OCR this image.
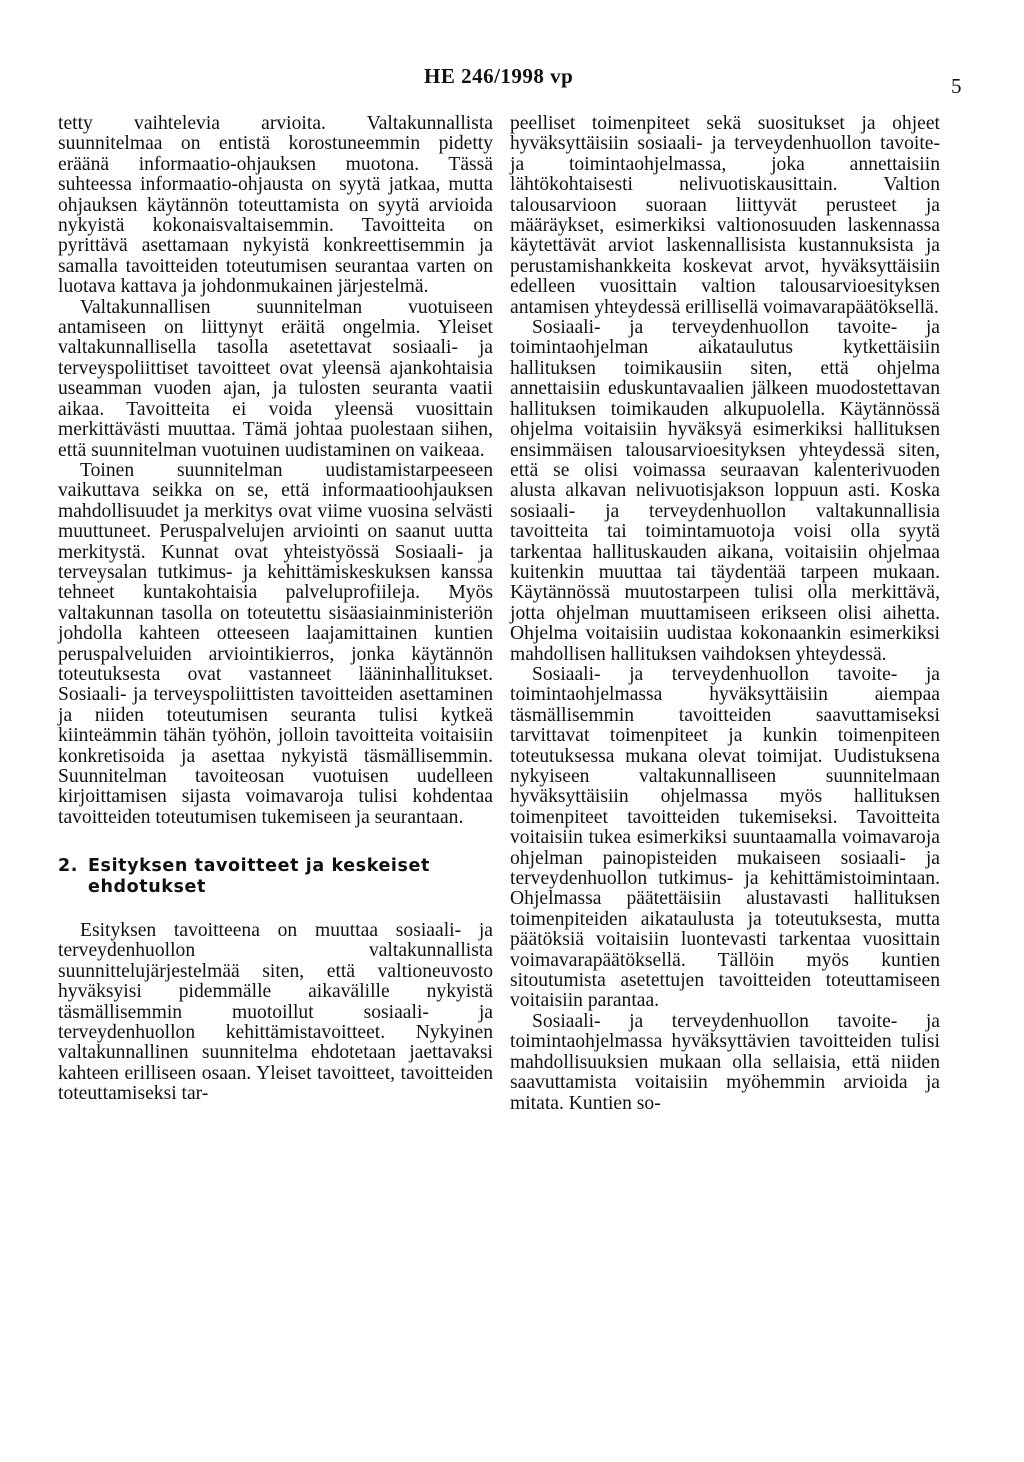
HE 246/1998 vp	5

tetty vaihtelevia arvioita. Valtakunnallista suunnitelmaa on entistä korostuneemmin pidetty eräänä informaatio-ohjauksen muotona. Tässä suhteessa informaatio-ohjausta on syytä jatkaa, mutta ohjauksen käytännön toteuttamista on syytä arvioida nykyistä kokonaisvaltaisemmin. Tavoitteita on pyrittävä asettamaan nykyistä konkreettisemmin ja samalla tavoitteiden toteutumisen seurantaa varten on luotava kattava ja johdonmukainen järjestelmä.

Valtakunnallisen suunnitelman vuotuiseen antamiseen on liittynyt eräitä ongelmia. Yleiset valtakunnallisella tasolla asetettavat sosiaali- ja terveyspoliittiset tavoitteet ovat yleensä ajankohtaisia useamman vuoden ajan, ja tulosten seuranta vaatii aikaa. Tavoitteita ei voida yleensä vuosittain merkittävästi muuttaa. Tämä johtaa puolestaan siihen, että suunnitelman vuotuinen uudistaminen on vaikeaa.

Toinen suunnitelman uudistamistarpeeseen vaikuttava seikka on se, että informaatioohjauksen mahdollisuudet ja merkitys ovat viime vuosina selvästi muuttuneet. Peruspalvelujen arviointi on saanut uutta merkitystä. Kunnat ovat yhteistyössä Sosiaali- ja terveysalan tutkimus- ja kehittämiskeskuksen kanssa tehneet kuntakohtaisia palveluprofiileja. Myös valtakunnan tasolla on toteutettu sisäasiainministeriön johdolla kahteen otteeseen laajamittainen kuntien peruspalveluiden arviointikierros, jonka käytännön toteutuksesta ovat vastanneet lääninhallitukset. Sosiaali- ja terveyspoliittisten tavoitteiden asettaminen ja niiden toteutumisen seuranta tulisi kytkeä kiinteämmin tähän työhön, jolloin tavoitteita voitaisiin konkretisoida ja asettaa nykyistä täsmällisemmin. Suunnitelman tavoiteosan vuotuisen uudelleen kirjoittamisen sijasta voimavaroja tulisi kohdentaa tavoitteiden toteutumisen tukemiseen ja seurantaan.

2. Esityksen tavoitteet ja keskeiset ehdotukset

Esityksen tavoitteena on muuttaa sosiaali- ja terveydenhuollon valtakunnallista suunnittelujärjestelmää siten, että valtioneuvosto hyväksyisi pidemmälle aikavälille nykyistä täsmällisemmin muotoillut sosiaali- ja terveydenhuollon kehittämistavoitteet. Nykyinen valtakunnallinen suunnitelma ehdotetaan jaettavaksi kahteen erilliseen osaan. Yleiset tavoitteet, tavoitteiden toteuttamiseksi tar-

peelliset toimenpiteet sekä suositukset ja ohjeet hyväksyttäisiin sosiaali- ja terveydenhuollon tavoite- ja toimintaohjelmassa, joka annettaisiin lähtökohtaisesti nelivuotiskausittain. Valtion talousarvioon suoraan liittyvät perusteet ja määräykset, esimerkiksi valtionosuuden laskennassa käytettävät arviot laskennallisista kustannuksista ja perustamishankkeita koskevat arvot, hyväksyttäisiin edelleen vuosittain valtion talousarvioesityksen antamisen yhteydessä erillisellä voimavarapäätöksellä.

Sosiaali- ja terveydenhuollon tavoite- ja toimintaohjelman aikataulutus kytkettäisiin hallituksen toimikausiin siten, että ohjelma annettaisiin eduskuntavaalien jälkeen muodostettavan hallituksen toimikauden alkupuolella. Käytännössä ohjelma voitaisiin hyväksyä esimerkiksi hallituksen ensimmäisen talousarvioesityksen yhteydessä siten, että se olisi voimassa seuraavan kalenterivuoden alusta alkavan nelivuotisjakson loppuun asti. Koska sosiaali- ja terveydenhuollon valtakunnallisia tavoitteita tai toimintamuotoja voisi olla syytä tarkentaa hallituskauden aikana, voitaisiin ohjelmaa kuitenkin muuttaa tai täydentää tarpeen mukaan. Käytännössä muutostarpeen tulisi olla merkittävä, jotta ohjelman muuttamiseen erikseen olisi aihetta. Ohjelma voitaisiin uudistaa kokonaankin esimerkiksi mahdollisen hallituksen vaihdoksen yhteydessä.

Sosiaali- ja terveydenhuollon tavoite- ja toimintaohjelmassa hyväksyttäisiin aiempaa täsmällisemmin tavoitteiden saavuttamiseksi tarvittavat toimenpiteet ja kunkin toimenpiteen toteutuksessa mukana olevat toimijat. Uudistuksena nykyiseen valtakunnalliseen suunnitelmaan hyväksyttäisiin ohjelmassa myös hallituksen toimenpiteet tavoitteiden tukemiseksi. Tavoitteita voitaisiin tukea esimerkiksi suuntaamalla voimavaroja ohjelman painopisteiden mukaiseen sosiaali- ja terveydenhuollon tutkimus- ja kehittämistoimintaan. Ohjelmassa päätettäisiin alustavasti hallituksen toimenpiteiden aikataulusta ja toteutuksesta, mutta päätöksiä voitaisiin luontevasti tarkentaa vuosittain voimavarapäätöksellä. Tällöin myös kuntien sitoutumista asetettujen tavoitteiden toteuttamiseen voitaisiin parantaa.

Sosiaali- ja terveydenhuollon tavoite- ja toimintaohjelmassa hyväksyttävien tavoitteiden tulisi mahdollisuuksien mukaan olla sellaisia, että niiden saavuttamista voitaisiin myöhemmin arvioida ja mitata. Kuntien so-
